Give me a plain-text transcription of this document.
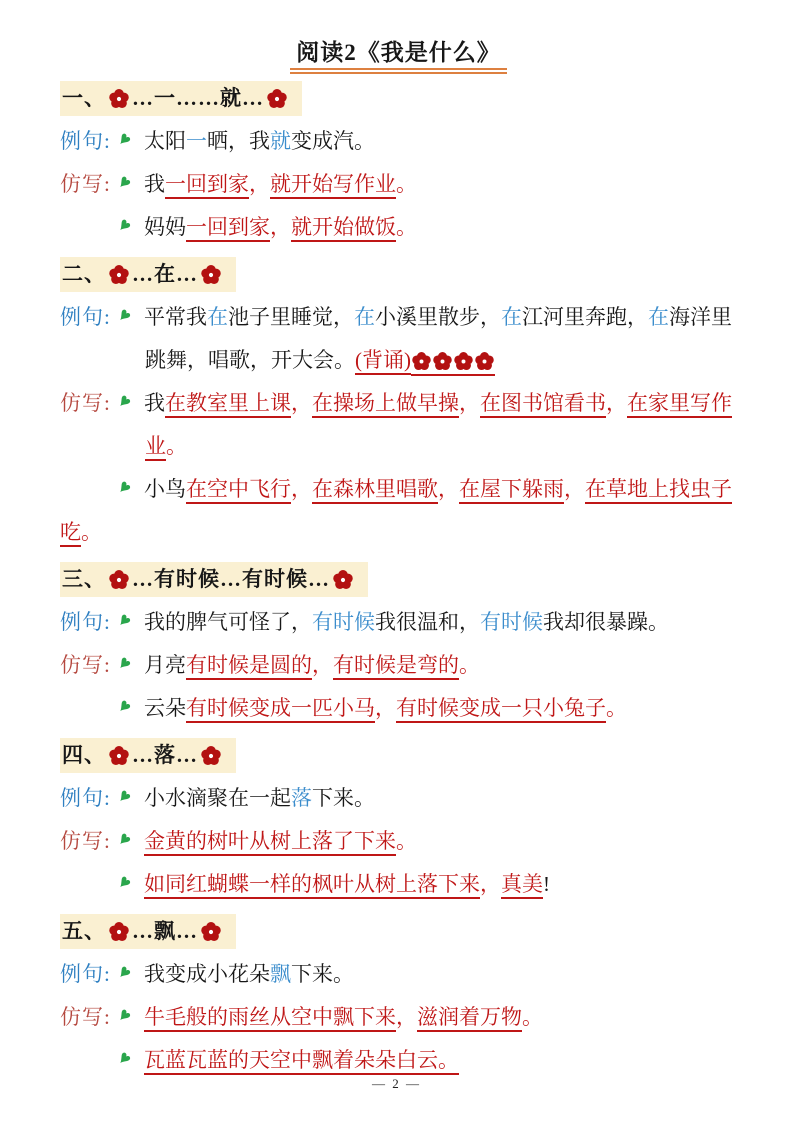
阅读2《我是什么》
一、 …一……就…
例句: ♥ 太阳一晒，我就变成汽。

仿写: ♥ 我一回到家，就开始写作业。

♥ 妈妈一回到家，就开始做饭。

二、 …在…
例句: ♥ 平常我在池子里睡觉，在小溪里散步，在江河里奔跑，在海洋里
跳舞，唱歌，开大会。(背诵)

仿写: ♥ 我在教室里上课，在操场上做早操，在图书馆看书，在家里写作
业。

♥ 小鸟在空中飞行，在森林里唱歌，在屋下躲雨，在草地上找虫子
吃。

三、 …有时候…有时候…
例句: ♥ 我的脾气可怪了，有时候我很温和，有时候我却很暴躁。

仿写: ♥ 月亮有时候是圆的，有时候是弯的。

♥ 云朵有时候变成一匹小马，有时候变成一只小兔子。

四、 …落…
例句: ♥ 小水滴聚在一起落下来。

仿写: ♥ 金黄的树叶从树上落了下来。

♥ 如同红蝴蝶一样的枫叶从树上落下来，真美!

五、 …飘…
例句: ♥ 我变成小花朵飘下来。

仿写: ♥ 牛毛般的雨丝从空中飘下来，滋润着万物。

♥ 瓦蓝瓦蓝的天空中飘着朵朵白云。

— 2 —
